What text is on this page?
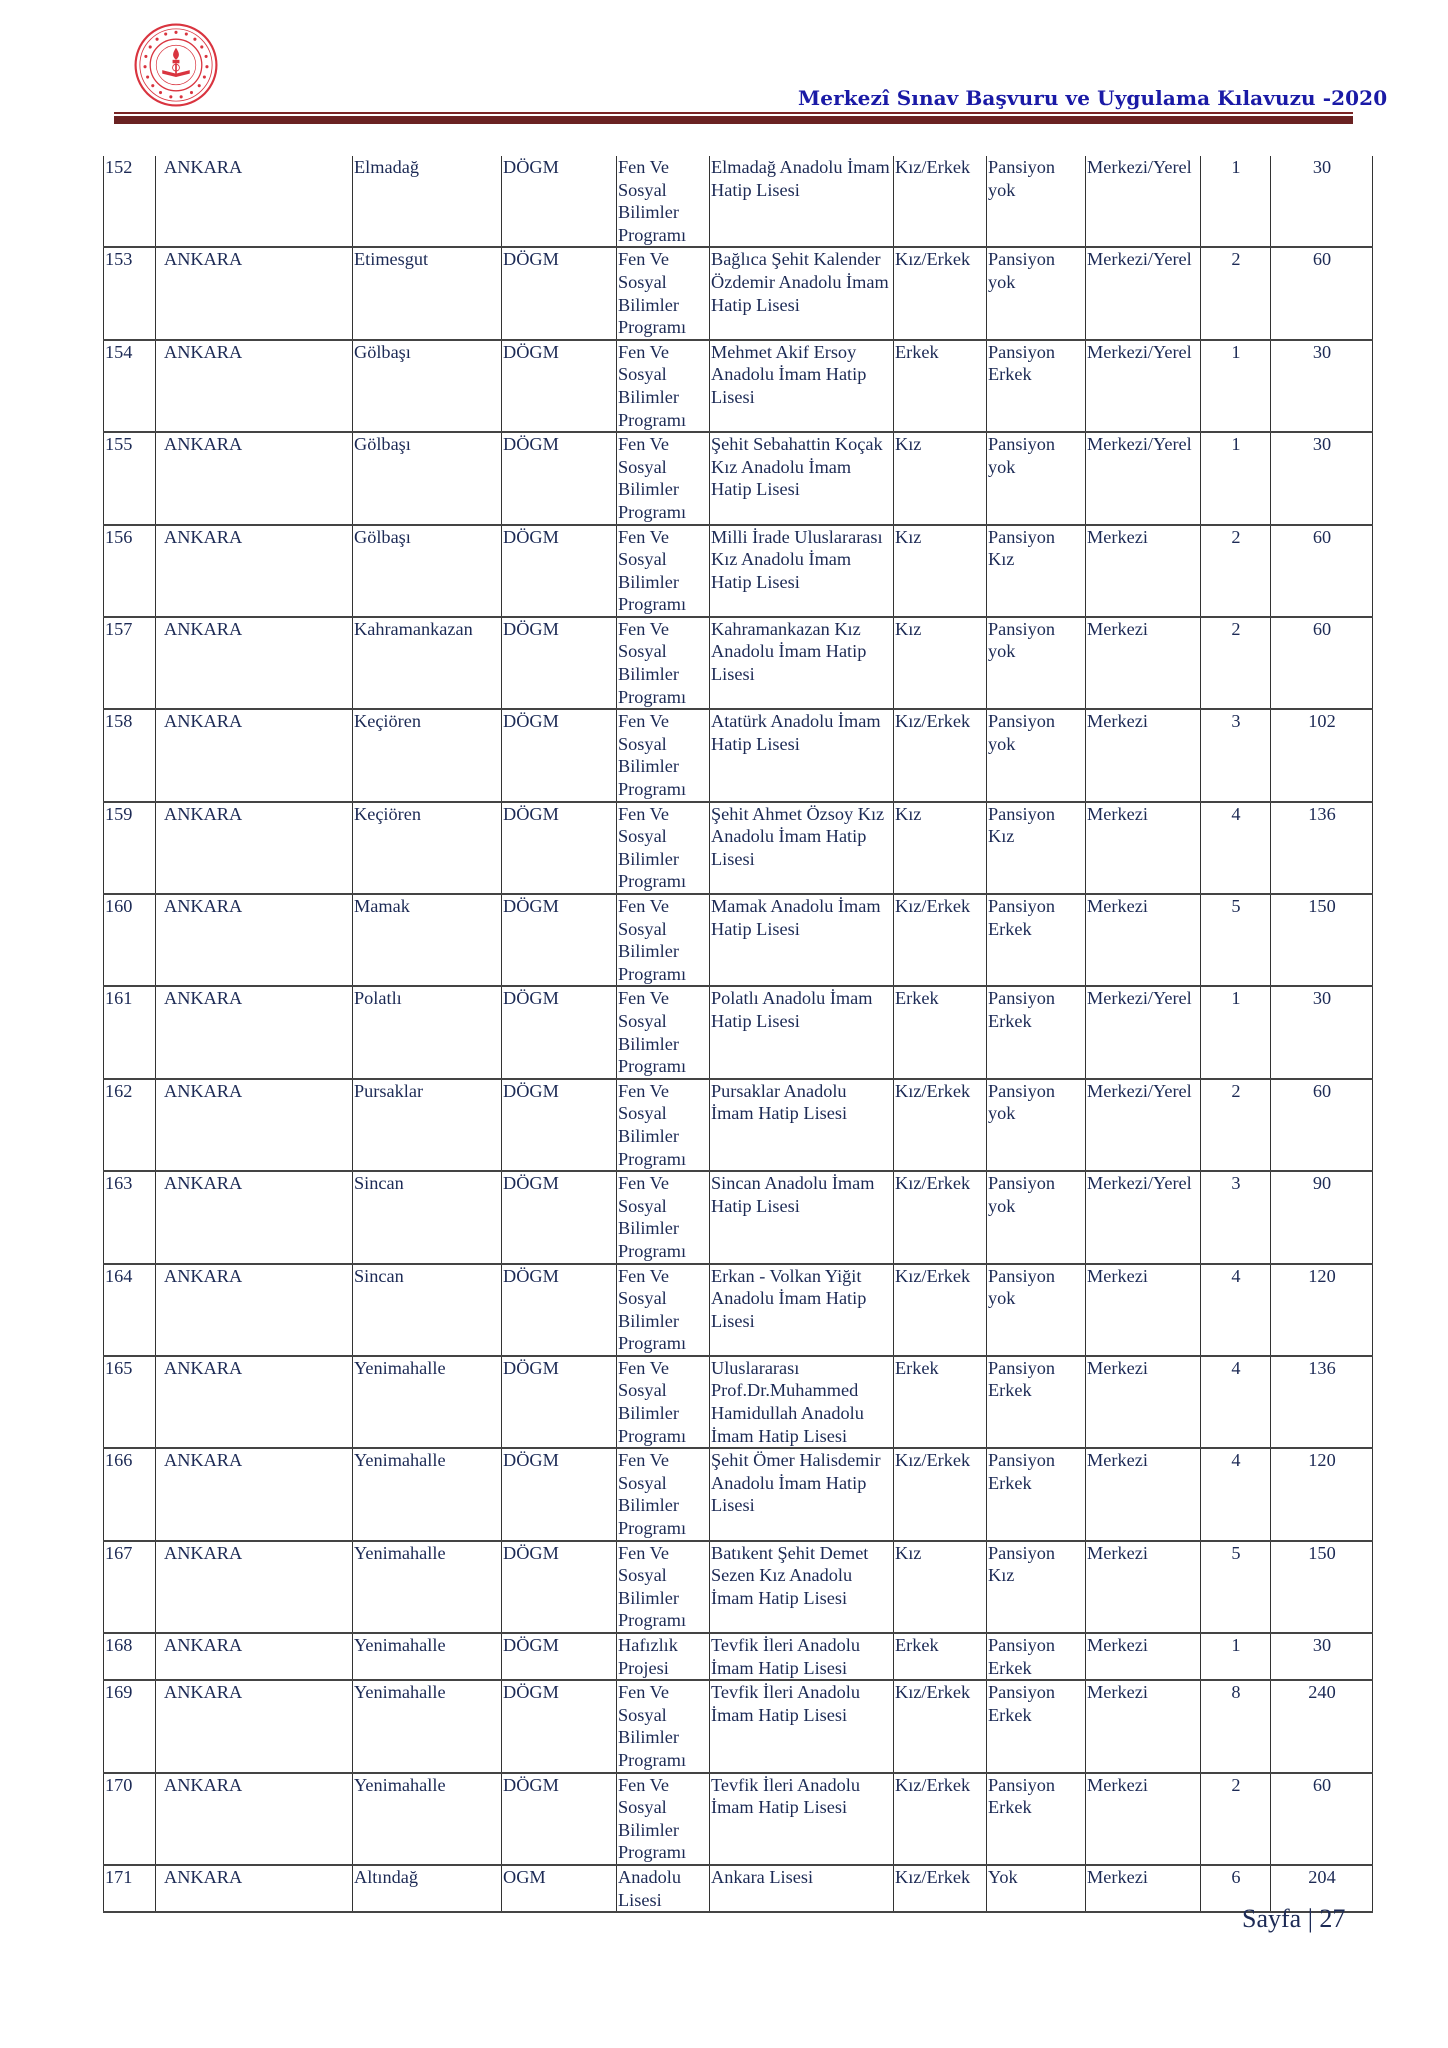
Merkezî Sınav Başvuru ve Uygulama Kılavuzu -2020
152	ANKARA	Elmadağ	DÖGM	Fen Ve Sosyal Bilimler Programı	Elmadağ Anadolu İmam Hatip Lisesi	Kız/Erkek	Pansiyon yok	Merkezi/Yerel	1	30
153	ANKARA	Etimesgut	DÖGM	Fen Ve Sosyal Bilimler Programı	Bağlıca Şehit Kalender Özdemir Anadolu İmam Hatip Lisesi	Kız/Erkek	Pansiyon yok	Merkezi/Yerel	2	60
154	ANKARA	Gölbaşı	DÖGM	Fen Ve Sosyal Bilimler Programı	Mehmet Akif Ersoy Anadolu İmam Hatip Lisesi	Erkek	Pansiyon Erkek	Merkezi/Yerel	1	30
155	ANKARA	Gölbaşı	DÖGM	Fen Ve Sosyal Bilimler Programı	Şehit Sebahattin Koçak Kız Anadolu İmam Hatip Lisesi	Kız	Pansiyon yok	Merkezi/Yerel	1	30
156	ANKARA	Gölbaşı	DÖGM	Fen Ve Sosyal Bilimler Programı	Milli İrade Uluslararası Kız Anadolu İmam Hatip Lisesi	Kız	Pansiyon Kız	Merkezi	2	60
157	ANKARA	Kahramankazan	DÖGM	Fen Ve Sosyal Bilimler Programı	Kahramankazan Kız Anadolu İmam Hatip Lisesi	Kız	Pansiyon yok	Merkezi	2	60
158	ANKARA	Keçiören	DÖGM	Fen Ve Sosyal Bilimler Programı	Atatürk Anadolu İmam Hatip Lisesi	Kız/Erkek	Pansiyon yok	Merkezi	3	102
159	ANKARA	Keçiören	DÖGM	Fen Ve Sosyal Bilimler Programı	Şehit Ahmet Özsoy Kız Anadolu İmam Hatip Lisesi	Kız	Pansiyon Kız	Merkezi	4	136
160	ANKARA	Mamak	DÖGM	Fen Ve Sosyal Bilimler Programı	Mamak Anadolu İmam Hatip Lisesi	Kız/Erkek	Pansiyon Erkek	Merkezi	5	150
161	ANKARA	Polatlı	DÖGM	Fen Ve Sosyal Bilimler Programı	Polatlı Anadolu İmam Hatip Lisesi	Erkek	Pansiyon Erkek	Merkezi/Yerel	1	30
162	ANKARA	Pursaklar	DÖGM	Fen Ve Sosyal Bilimler Programı	Pursaklar Anadolu İmam Hatip Lisesi	Kız/Erkek	Pansiyon yok	Merkezi/Yerel	2	60
163	ANKARA	Sincan	DÖGM	Fen Ve Sosyal Bilimler Programı	Sincan Anadolu İmam Hatip Lisesi	Kız/Erkek	Pansiyon yok	Merkezi/Yerel	3	90
164	ANKARA	Sincan	DÖGM	Fen Ve Sosyal Bilimler Programı	Erkan - Volkan Yiğit Anadolu İmam Hatip Lisesi	Kız/Erkek	Pansiyon yok	Merkezi	4	120
165	ANKARA	Yenimahalle	DÖGM	Fen Ve Sosyal Bilimler Programı	Uluslararası Prof.Dr.Muhammed Hamidullah Anadolu İmam Hatip Lisesi	Erkek	Pansiyon Erkek	Merkezi	4	136
166	ANKARA	Yenimahalle	DÖGM	Fen Ve Sosyal Bilimler Programı	Şehit Ömer Halisdemir Anadolu İmam Hatip Lisesi	Kız/Erkek	Pansiyon Erkek	Merkezi	4	120
167	ANKARA	Yenimahalle	DÖGM	Fen Ve Sosyal Bilimler Programı	Batıkent Şehit Demet Sezen Kız Anadolu İmam Hatip Lisesi	Kız	Pansiyon Kız	Merkezi	5	150
168	ANKARA	Yenimahalle	DÖGM	Hafızlık Projesi	Tevfik İleri Anadolu İmam Hatip Lisesi	Erkek	Pansiyon Erkek	Merkezi	1	30
169	ANKARA	Yenimahalle	DÖGM	Fen Ve Sosyal Bilimler Programı	Tevfik İleri Anadolu İmam Hatip Lisesi	Kız/Erkek	Pansiyon Erkek	Merkezi	8	240
170	ANKARA	Yenimahalle	DÖGM	Fen Ve Sosyal Bilimler Programı	Tevfik İleri Anadolu İmam Hatip Lisesi	Kız/Erkek	Pansiyon Erkek	Merkezi	2	60
171	ANKARA	Altındağ	OGM	Anadolu Lisesi	Ankara Lisesi	Kız/Erkek	Yok	Merkezi	6	204
Sayfa | 27
